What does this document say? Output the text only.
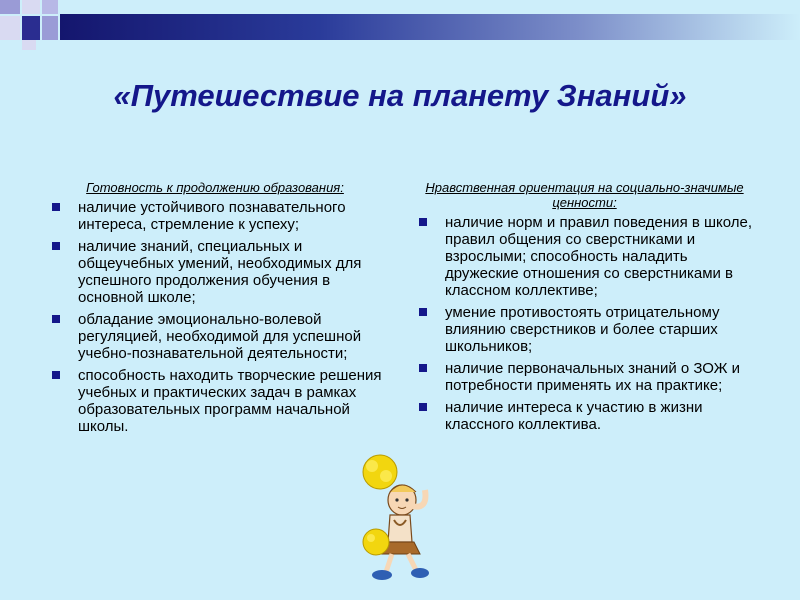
«Путешествие на планету Знаний»
Готовность к продолжению образования:
наличие устойчивого познавательного интереса, стремление к успеху;
наличие знаний, специальных и общеучебных умений, необходимых для успешного продолжения обучения в основной школе;
обладание эмоционально-волевой регуляцией, необходимой для успешной учебно-познавательной деятельности;
способность находить творческие решения учебных и практических задач в рамках образовательных программ начальной школы.
Нравственная ориентация на социально-значимые ценности:
наличие норм и правил поведения в школе, правил общения со сверстниками и взрослыми; способность наладить дружеские отношения со сверстниками в классном коллективе;
умение противостоять отрицательному влиянию сверстников и более старших школьников;
наличие первоначальных знаний о ЗОЖ и потребности применять их на практике;
наличие интереса к участию в жизни классного коллектива.
